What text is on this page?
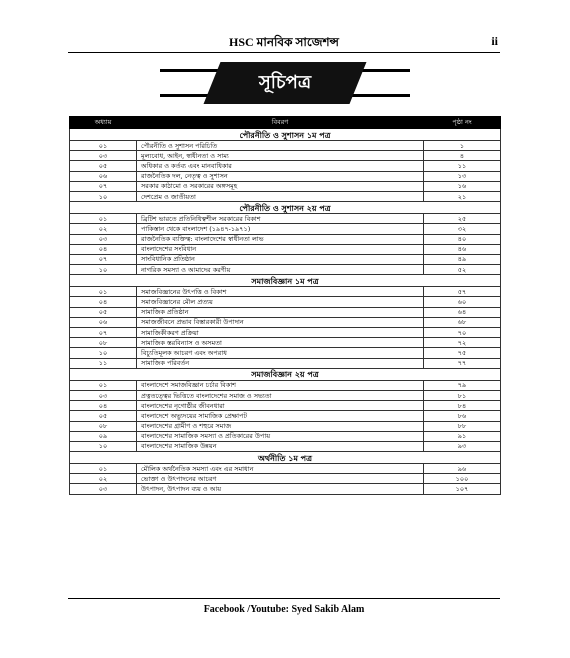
HSC মানবিক সাজেশন্স	ii
সূচিপত্র
অধ্যায়	বিবরণ	পৃষ্ঠা নং
পৌরনীতি ও সুশাসন ১ম পত্র		
০১	পৌরনীতি ও সুশাসন পরিচিতি	১
০৩	মূল্যবোধ, আইন, স্বাধীনতা ও সাম্য	৪
০৫	অধিকার ও কর্তব্য এবং মানবাধিকার	১১
০৬	রাজনৈতিক দল, নেতৃত্ব ও সুশাসন	১৩
০৭	সরকার কাঠামো ও সরকারের অঙ্গসমূহ	১৬
১০	দেশপ্রেম ও জাতীয়তা	২১
পৌরনীতি ও সুশাসন ২য় পত্র		
০১	ব্রিটিশ ভারতে প্রতিনিধিত্বশীল সরকারের বিকাশ	২৫
০২	পাকিস্তান থেকে বাংলাদেশ (১৯৪৭-১৯৭১)	৩২
০৩	রাজনৈতিক ব্যক্তিত্ব: বাংলাদেশের স্বাধীনতা লাভ	৪০
০৪	বাংলাদেশের সংবিধান	৪৬
০৭	সাংবিধানিক প্রতিষ্ঠান	৪৯
১০	নাগরিক সমস্যা ও আমাদের করণীয়	৫২
সমাজবিজ্ঞান ১ম পত্র		
০১	সমাজবিজ্ঞানের উৎপত্তি ও বিকাশ	৫৭
০৪	সমাজবিজ্ঞানের মৌল প্রত্যয়	৬০
০৫	সামাজিক প্রতিষ্ঠান	৬৪
০৬	সমাজজীবনে প্রভাব বিস্তারকারী উপাদান	৬৮
০৭	সামাজিকীকরণ প্রক্রিয়া	৭০
০৮	সামাজিক স্তরবিন্যাস ও অসমতা	৭২
১০	বিচ্যুতিমূলক আচরণ এবং অপরাধ	৭৫
১১	সামাজিক পরিবর্তন	৭৭
সমাজবিজ্ঞান ২য় পত্র		
০১	বাংলাদেশে সমাজবিজ্ঞান চর্চার বিকাশ	৭৯
০৩	প্রত্নতত্ত্বের ভিত্তিতে বাংলাদেশের সমাজ ও সভ্যতা	৮১
০৪	বাংলাদেশের নৃগোষ্ঠীর জীবনধারা	৮৪
০৫	বাংলাদেশে অভ্যুদয়ের সামাজিক প্রেক্ষাপট	৮৬
০৮	বাংলাদেশের গ্রামীণ ও শহুরে সমাজ	৮৮
০৯	বাংলাদেশের সামাজিক সমস্যা ও প্রতিকারের উপায়	৯১
১০	বাংলাদেশের সামাজিক উন্নয়ন	৯৩
অর্থনীতি ১ম পত্র		
০১	মৌলিক অর্থনৈতিক সমস্যা এবং এর সমাধান	৯৬
০২	ভোক্তা ও উৎপাদনের আচরণ	১০০
০৩	উৎপাদন, উৎপাদন ব্যয় ও আয়	১০৭
Facebook /Youtube: Syed Sakib Alam
